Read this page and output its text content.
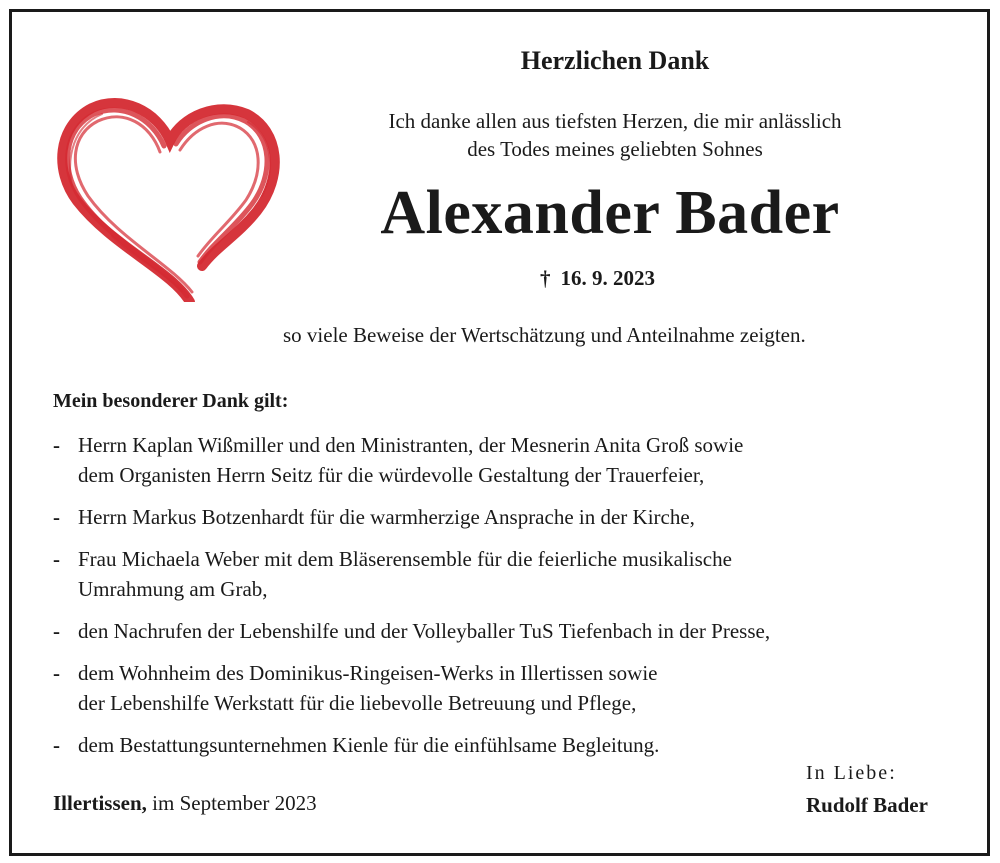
Herzlichen Dank
Ich danke allen aus tiefsten Herzen, die mir anlässlich
des Todes meines geliebten Sohnes
Alexander Bader
† 16. 9. 2023
so viele Beweise der Wertschätzung und Anteilnahme zeigten.
Mein besonderer Dank gilt:
- Herrn Kaplan Wißmiller und den Ministranten, der Mesnerin Anita Groß sowie
dem Organisten Herrn Seitz für die würdevolle Gestaltung der Trauerfeier,
- Herrn Markus Botzenhardt für die warmherzige Ansprache in der Kirche,
- Frau Michaela Weber mit dem Bläserensemble für die feierliche musikalische
Umrahmung am Grab,
- den Nachrufen der Lebenshilfe und der Volleyballer TuS Tiefenbach in der Presse,
- dem Wohnheim des Dominikus-Ringeisen-Werks in Illertissen sowie
der Lebenshilfe Werkstatt für die liebevolle Betreuung und Pflege,
- dem Bestattungsunternehmen Kienle für die einfühlsame Begleitung.
Illertissen, im September 2023
In Liebe:
Rudolf Bader
